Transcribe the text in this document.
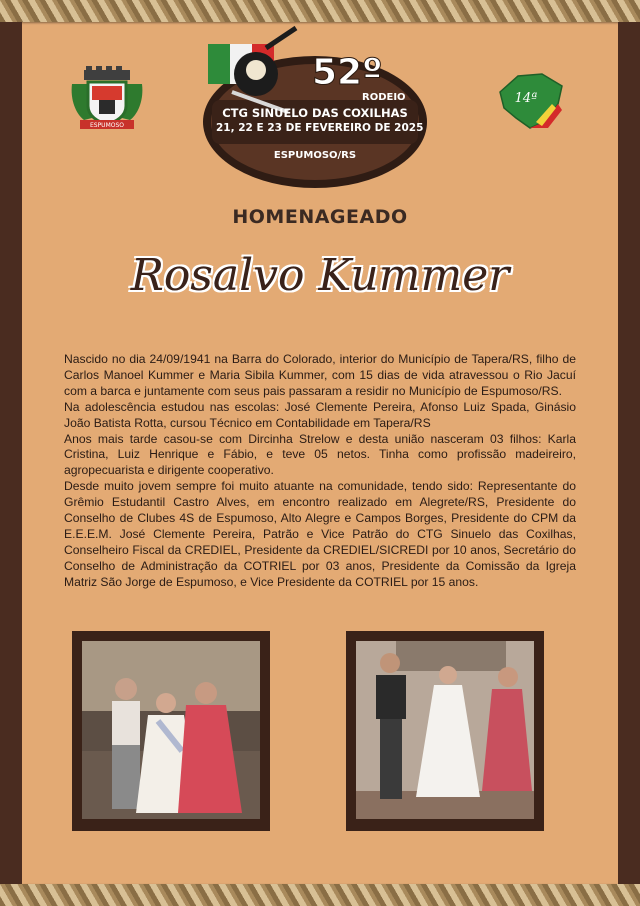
ESPUMOSO
52º
RODEIO
CTG SINUELO DAS COXILHAS
21, 22 E 23 DE FEVEREIRO DE 2025
ESPUMOSO/RS
14ª
HOMENAGEADO
Rosalvo Kummer

Nascido no dia 24/09/1941 na Barra do Colorado, interior do Município de Tapera/RS, filho de Carlos Manoel Kummer e Maria Sibila Kummer, com 15 dias de vida atravessou o Rio Jacuí com a barca e juntamente com seus pais passaram a residir no Município de Espumoso/RS.

Na adolescência estudou nas escolas: José Clemente Pereira, Afonso Luiz Spada, Ginásio João Batista Rotta, cursou Técnico em Contabilidade em Tapera/RS

Anos mais tarde casou-se com Dircinha Strelow e desta união nasceram 03 filhos: Karla Cristina, Luiz Henrique e Fábio, e teve 05 netos. Tinha como profissão madeireiro, agropecuarista e dirigente cooperativo.

Desde muito jovem sempre foi muito atuante na comunidade, tendo sido: Representante do Grêmio Estudantil Castro Alves, em encontro realizado em Alegrete/RS, Presidente do Conselho de Clubes 4S de Espumoso, Alto Alegre e Campos Borges, Presidente do CPM da E.E.E.M. José Clemente Pereira, Patrão e Vice Patrão do CTG Sinuelo das Coxilhas, Conselheiro Fiscal da CREDIEL, Presidente da CREDIEL/SICREDI por 10 anos, Secretário do Conselho de Administração da COTRIEL por 03 anos, Presidente da Comissão da Igreja Matriz São Jorge de Espumoso, e Vice Presidente da COTRIEL por 15 anos.
